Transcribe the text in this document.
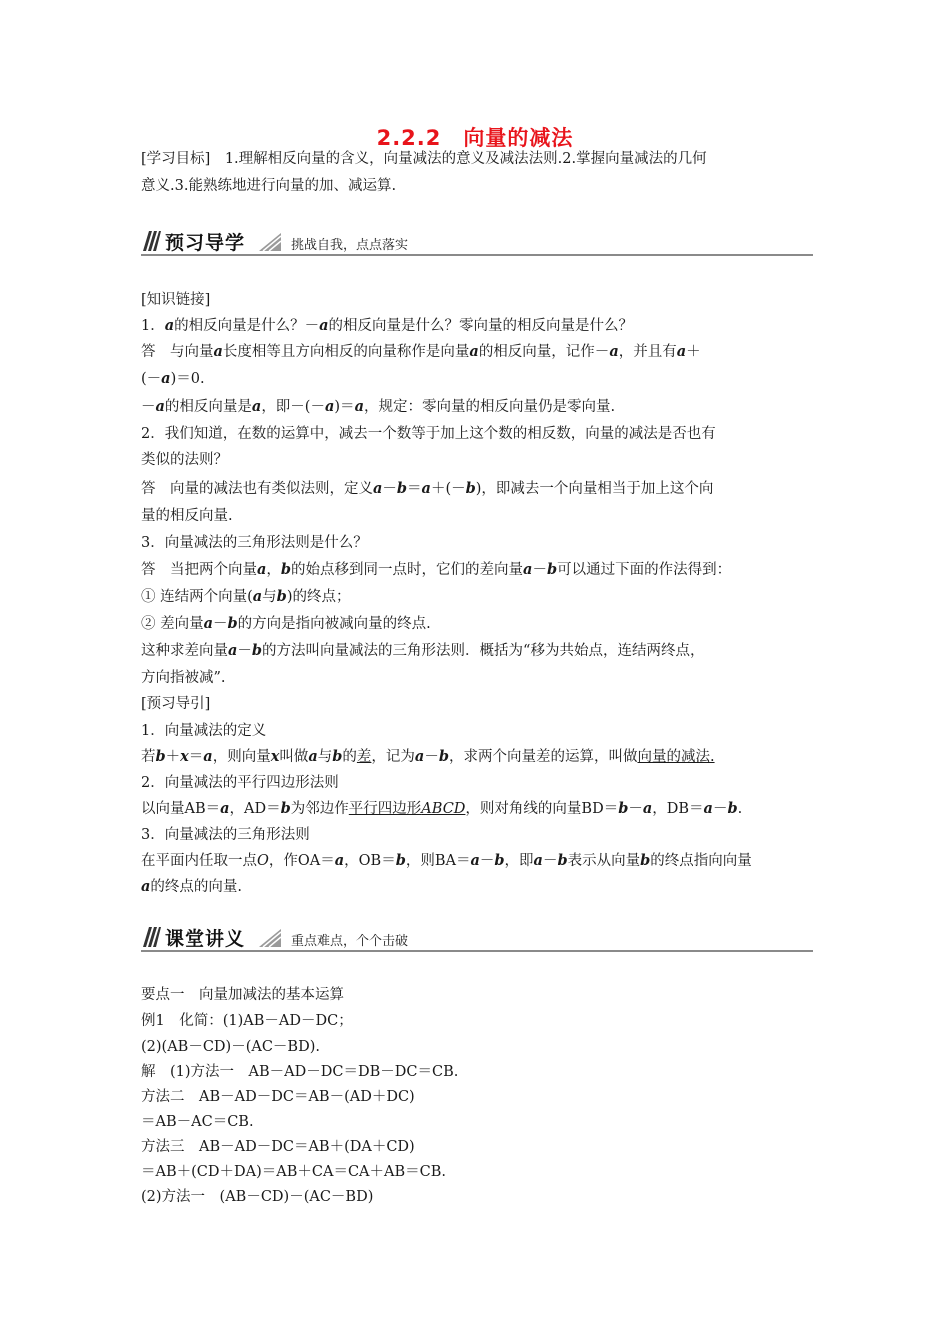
2.2.2　向量的减法
[学习目标]　1.理解相反向量的含义，向量减法的意义及减法法则.2.掌握向量减法的几何
意义.3.能熟练地进行向量的加、减运算.
预习导学	挑战自我，点点落实
[知识链接]
1．a的相反向量是什么？－a的相反向量是什么？零向量的相反向量是什么？
答　与向量a长度相等且方向相反的向量称作是向量a的相反向量，记作－a，并且有a＋
(－a)＝0.
－a的相反向量是a，即－(－a)＝a，规定：零向量的相反向量仍是零向量.
2．我们知道，在数的运算中，减去一个数等于加上这个数的相反数，向量的减法是否也有
类似的法则？
答　向量的减法也有类似法则，定义a－b＝a＋(－b)，即减去一个向量相当于加上这个向
量的相反向量.
3．向量减法的三角形法则是什么？
答　当把两个向量a，b的始点移到同一点时，它们的差向量a－b可以通过下面的作法得到：
① 连结两个向量(a与b)的终点；
② 差向量a－b的方向是指向被减向量的终点.
这种求差向量a－b的方法叫向量减法的三角形法则．概括为“移为共始点，连结两终点，
方向指被减”.
[预习导引]
1．向量减法的定义
若b＋x＝a，则向量x叫做a与b的差，记为a－b，求两个向量差的运算，叫做向量的减法.
2．向量减法的平行四边形法则
以向量AB＝a，AD＝b为邻边作平行四边形ABCD，则对角线的向量BD＝b－a，DB＝a－b.
3．向量减法的三角形法则
在平面内任取一点O，作OA＝a，OB＝b，则BA＝a－b，即a－b表示从向量b的终点指向向量
a的终点的向量.
课堂讲义	重点难点，个个击破
要点一　向量加减法的基本运算
例1　化简：(1)AB－AD－DC；
(2)(AB－CD)－(AC－BD).
解　(1)方法一　AB－AD－DC＝DB－DC＝CB.
方法二　AB－AD－DC＝AB－(AD＋DC)
＝AB－AC＝CB.
方法三　AB－AD－DC＝AB＋(DA＋CD)
＝AB＋(CD＋DA)＝AB＋CA＝CA＋AB＝CB.
(2)方法一　(AB－CD)－(AC－BD)
